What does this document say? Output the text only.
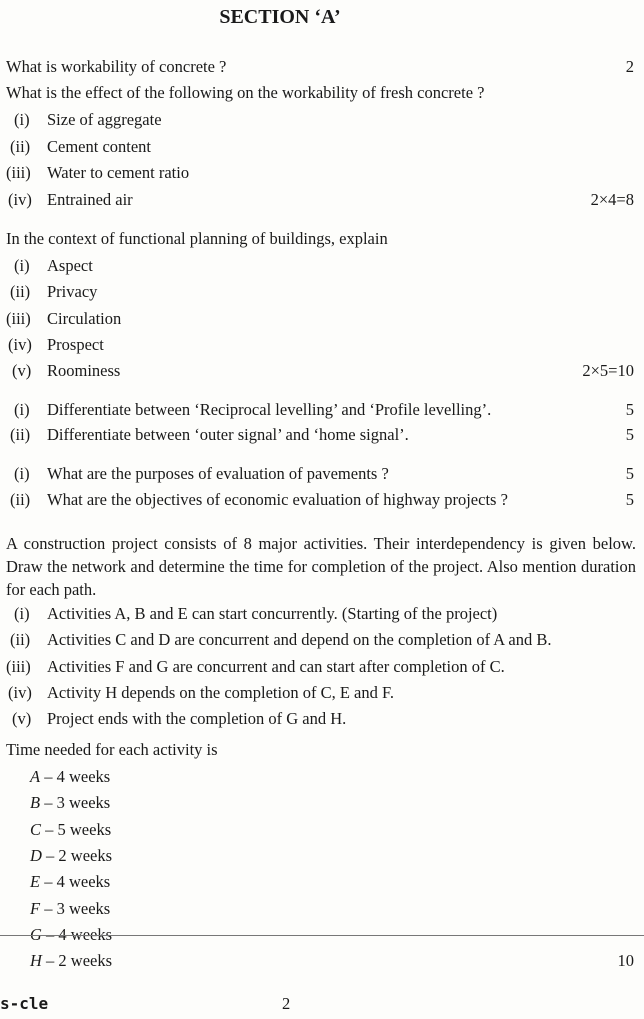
SECTION ‘A’
What is workability of concrete ?	2
What is the effect of the following on the workability of fresh concrete ?
(i) Size of aggregate
(ii) Cement content
(iii) Water to cement ratio
(iv) Entrained air	2×4=8
In the context of functional planning of buildings, explain
(i) Aspect
(ii) Privacy
(iii) Circulation
(iv) Prospect
(v) Roominess	2×5=10
(i) Differentiate between ‘Reciprocal levelling’ and ‘Profile levelling’.	5
(ii) Differentiate between ‘outer signal’ and ‘home signal’.	5
(i) What are the purposes of evaluation of pavements ?	5
(ii) What are the objectives of economic evaluation of highway projects ?	5
A construction project consists of 8 major activities. Their interdependency is given below. Draw the network and determine the time for completion of the project. Also mention duration for each path.
(i) Activities A, B and E can start concurrently. (Starting of the project)
(ii) Activities C and D are concurrent and depend on the completion of A and B.
(iii) Activities F and G are concurrent and can start after completion of C.
(iv) Activity H depends on the completion of C, E and F.
(v) Project ends with the completion of G and H.
Time needed for each activity is
A – 4 weeks
B – 3 weeks
C – 5 weeks
D – 2 weeks
E – 4 weeks
F – 3 weeks
G – 4 weeks
H – 2 weeks	10
s-cle	2
